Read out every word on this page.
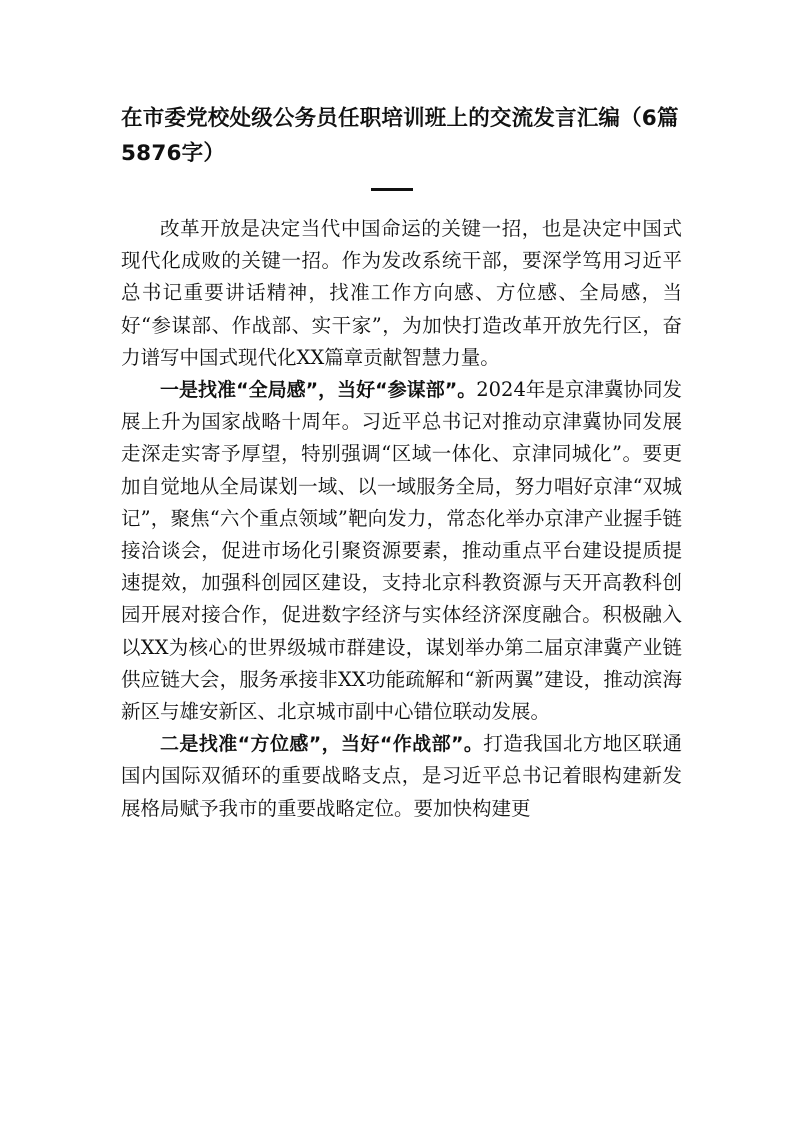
在市委党校处级公务员任职培训班上的交流发言汇编（6篇5876字）

改革开放是决定当代中国命运的关键一招，也是决定中国式现代化成败的关键一招。作为发改系统干部，要深学笃用习近平总书记重要讲话精神，找准工作方向感、方位感、全局感，当好“参谋部、作战部、实干家”，为加快打造改革开放先行区，奋力谱写中国式现代化XX篇章贡献智慧力量。

一是找准“全局感”，当好“参谋部”。2024年是京津冀协同发展上升为国家战略十周年。习近平总书记对推动京津冀协同发展走深走实寄予厚望，特别强调“区域一体化、京津同城化”。要更加自觉地从全局谋划一域、以一域服务全局，努力唱好京津“双城记”，聚焦“六个重点领域”靶向发力，常态化举办京津产业握手链接洽谈会，促进市场化引聚资源要素，推动重点平台建设提质提速提效，加强科创园区建设，支持北京科教资源与天开高教科创园开展对接合作，促进数字经济与实体经济深度融合。积极融入以XX为核心的世界级城市群建设，谋划举办第二届京津冀产业链供应链大会，服务承接非XX功能疏解和“新两翼”建设，推动滨海新区与雄安新区、北京城市副中心错位联动发展。

二是找准“方位感”，当好“作战部”。打造我国北方地区联通国内国际双循环的重要战略支点，是习近平总书记着眼构建新发展格局赋予我市的重要战略定位。要加快构建更
